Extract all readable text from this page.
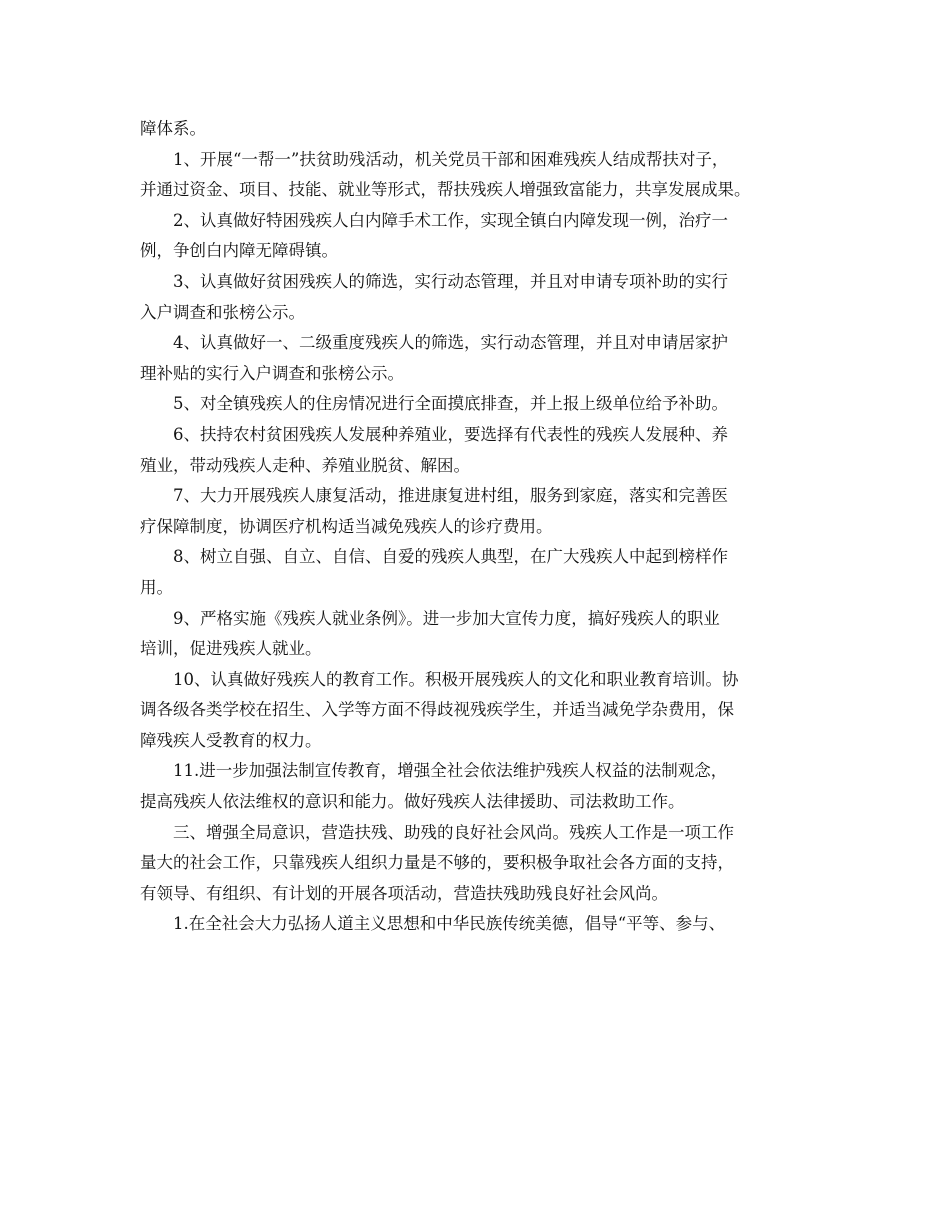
障体系。
1、开展“一帮一”扶贫助残活动，机关党员干部和困难残疾人结成帮扶对子，
并通过资金、项目、技能、就业等形式，帮扶残疾人增强致富能力，共享发展成果。
2、认真做好特困残疾人白内障手术工作，实现全镇白内障发现一例，治疗一
例，争创白内障无障碍镇。
3、认真做好贫困残疾人的筛选，实行动态管理，并且对申请专项补助的实行
入户调查和张榜公示。
4、认真做好一、二级重度残疾人的筛选，实行动态管理，并且对申请居家护
理补贴的实行入户调查和张榜公示。
5、对全镇残疾人的住房情况进行全面摸底排查，并上报上级单位给予补助。
6、扶持农村贫困残疾人发展种养殖业，要选择有代表性的残疾人发展种、养
殖业，带动残疾人走种、养殖业脱贫、解困。
7、大力开展残疾人康复活动，推进康复进村组，服务到家庭，落实和完善医
疗保障制度，协调医疗机构适当减免残疾人的诊疗费用。
8、树立自强、自立、自信、自爱的残疾人典型，在广大残疾人中起到榜样作
用。
9、严格实施《残疾人就业条例》。进一步加大宣传力度，搞好残疾人的职业
培训，促进残疾人就业。
10、认真做好残疾人的教育工作。积极开展残疾人的文化和职业教育培训。协
调各级各类学校在招生、入学等方面不得歧视残疾学生，并适当减免学杂费用，保
障残疾人受教育的权力。
11.进一步加强法制宣传教育，增强全社会依法维护残疾人权益的法制观念，
提高残疾人依法维权的意识和能力。做好残疾人法律援助、司法救助工作。
三、增强全局意识，营造扶残、助残的良好社会风尚。残疾人工作是一项工作
量大的社会工作，只靠残疾人组织力量是不够的，要积极争取社会各方面的支持，
有领导、有组织、有计划的开展各项活动，营造扶残助残良好社会风尚。
1.在全社会大力弘扬人道主义思想和中华民族传统美德，倡导“平等、参与、
